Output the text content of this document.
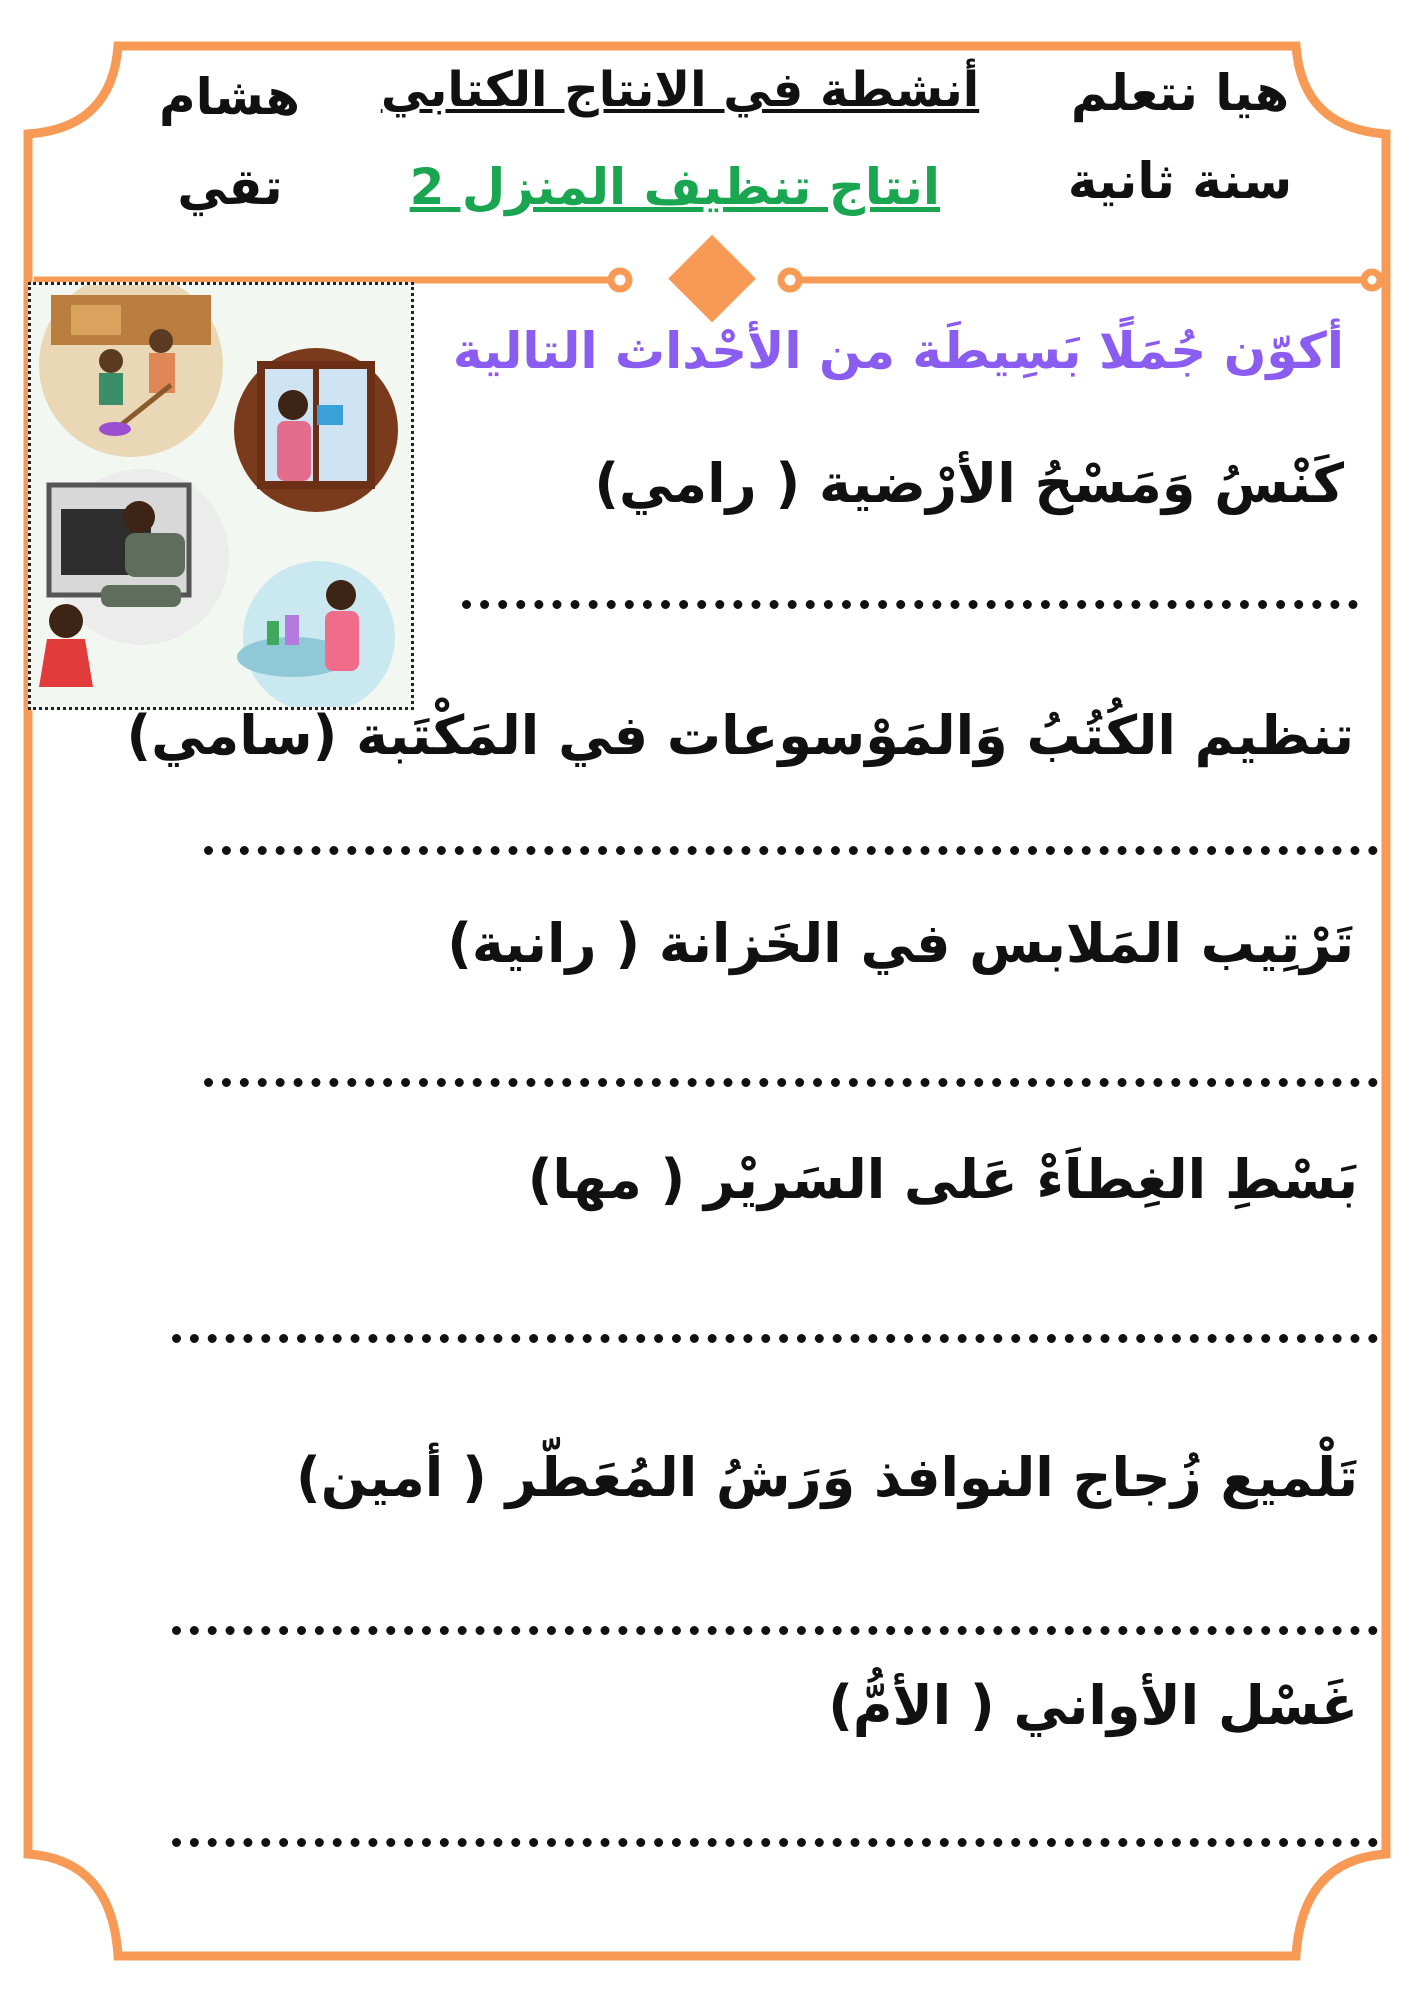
هشام
تقي
أنشطة في الانتاج الكتابي
انتاج تنظيف المنزل 2
هيا نتعلم
سنة ثانية
أكوّن جُمَلًا بَسِيطَة من الأحْداث التالية
كَنْسُ وَمَسْحُ الأرْضية ( رامي)
تنظيم الكُتُبُ وَالمَوْسوعات في المَكْتَبة (سامي)
تَرْتِيب المَلابس في الخَزانة ( رانية)
بَسْطِ الغِطاَءْ عَلى السَريْر ( مها)
تَلْميع زُجاج النوافذ وَرَشُ المُعَطّر ( أمين)
غَسْل الأواني ( الأمُّ)
